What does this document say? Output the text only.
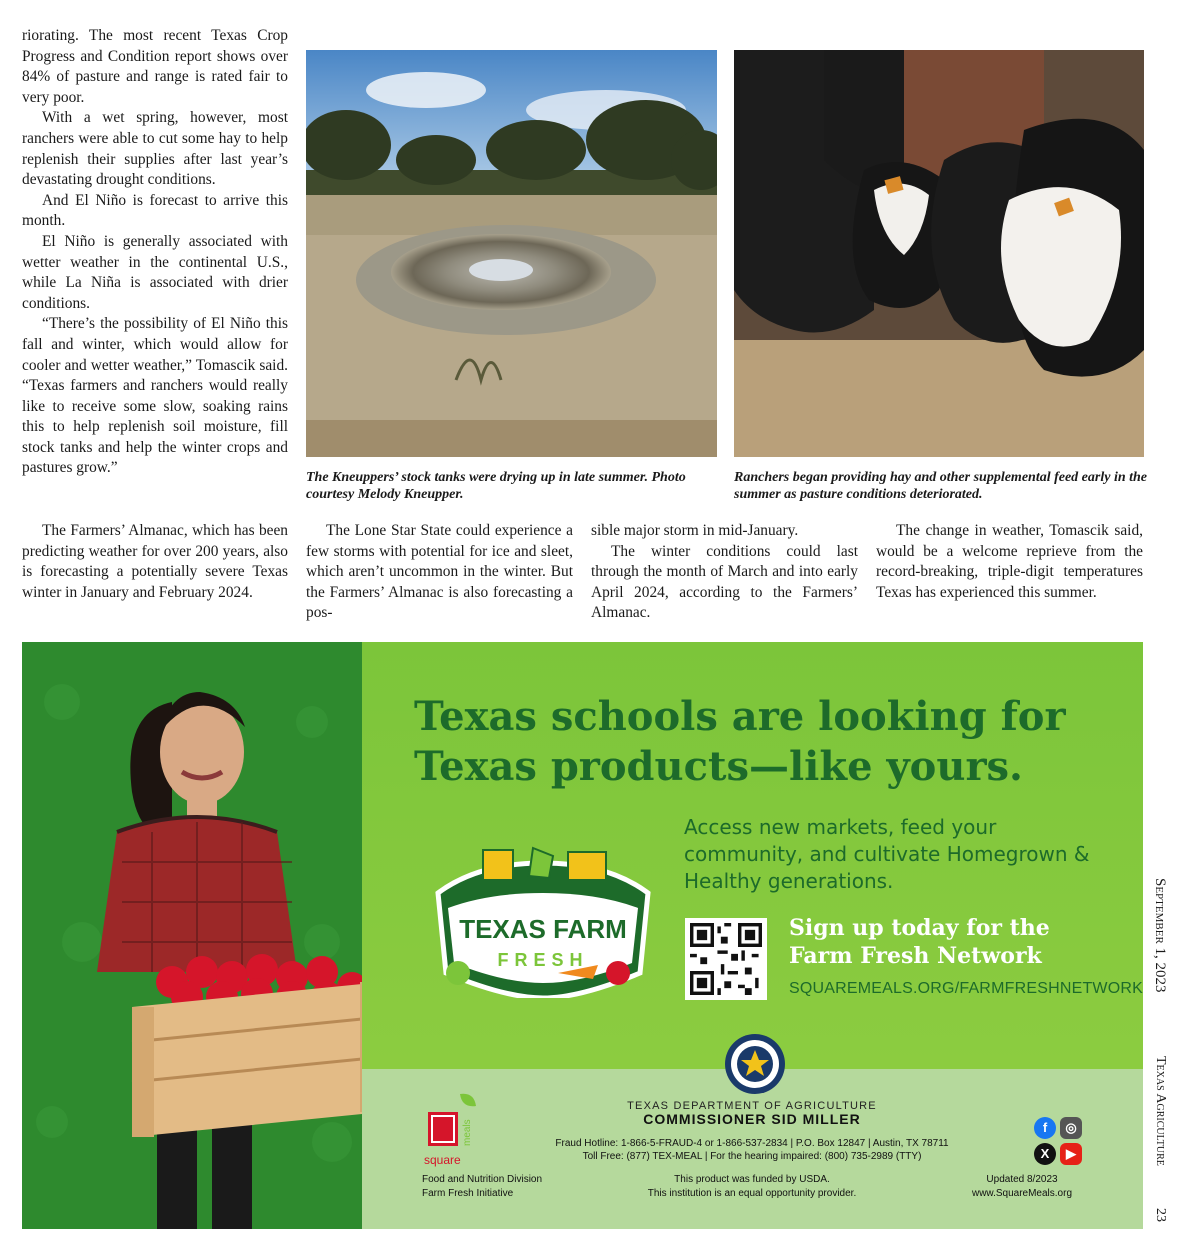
riorating. The most recent Texas Crop Progress and Condition report shows over 84% of pasture and range is rated fair to very poor.

With a wet spring, however, most ranchers were able to cut some hay to help replenish their supplies after last year’s devastating drought conditions.

And El Niño is forecast to arrive this month.

El Niño is generally associated with wetter weather in the continental U.S., while La Niña is associated with drier conditions.

“There’s the possibility of El Niño this fall and winter, which would allow for cooler and wetter weather,” Tomascik said. “Texas farmers and ranchers would really like to receive some slow, soaking rains this to help replenish soil moisture, fill stock tanks and help the winter crops and pastures grow.”

The Farmers’ Almanac, which has been predicting weather for over 200 years, also is forecasting a potentially severe Texas winter in January and February 2024.

The Lone Star State could experience a few storms with potential for ice and sleet, which aren’t uncommon in the winter. But the Farmers’ Almanac is also forecasting a pos-

sible major storm in mid-January.

The winter conditions could last through the month of March and into early April 2024, according to the Farmers’ Almanac.

The change in weather, Tomascik said, would be a welcome reprieve from the record-breaking, triple-digit temperatures Texas has experienced this summer.

The Kneuppers’ stock tanks were drying up in late summer. Photo courtesy Melody Kneupper.
Ranchers began providing hay and other supplemental feed early in the summer as pasture conditions deteriorated.
Texas schools are looking for
Texas products—like yours.
Access new markets, feed your community, and cultivate Homegrown & Healthy generations.
TEXAS FARM
FRESH
Sign up today for the
Farm Fresh Network
SQUAREMEALS.ORG/FARMFRESHNETWORK
TEXAS DEPARTMENT OF AGRICULTURE
COMMISSIONER SID MILLER
Fraud Hotline: 1-866-5-FRAUD-4 or 1-866-537-2834 | P.O. Box 12847 | Austin, TX 78711
Toll Free: (877) TEX-MEAL | For the hearing impaired: (800) 735-2989 (TTY)
square
meals
Food and Nutrition Division
Farm Fresh Initiative
This product was funded by USDA.
This institution is an equal opportunity provider.
Updated 8/2023
www.SquareMeals.org
f	◎
X	▶
September 1, 2023
Texas Agriculture
23
